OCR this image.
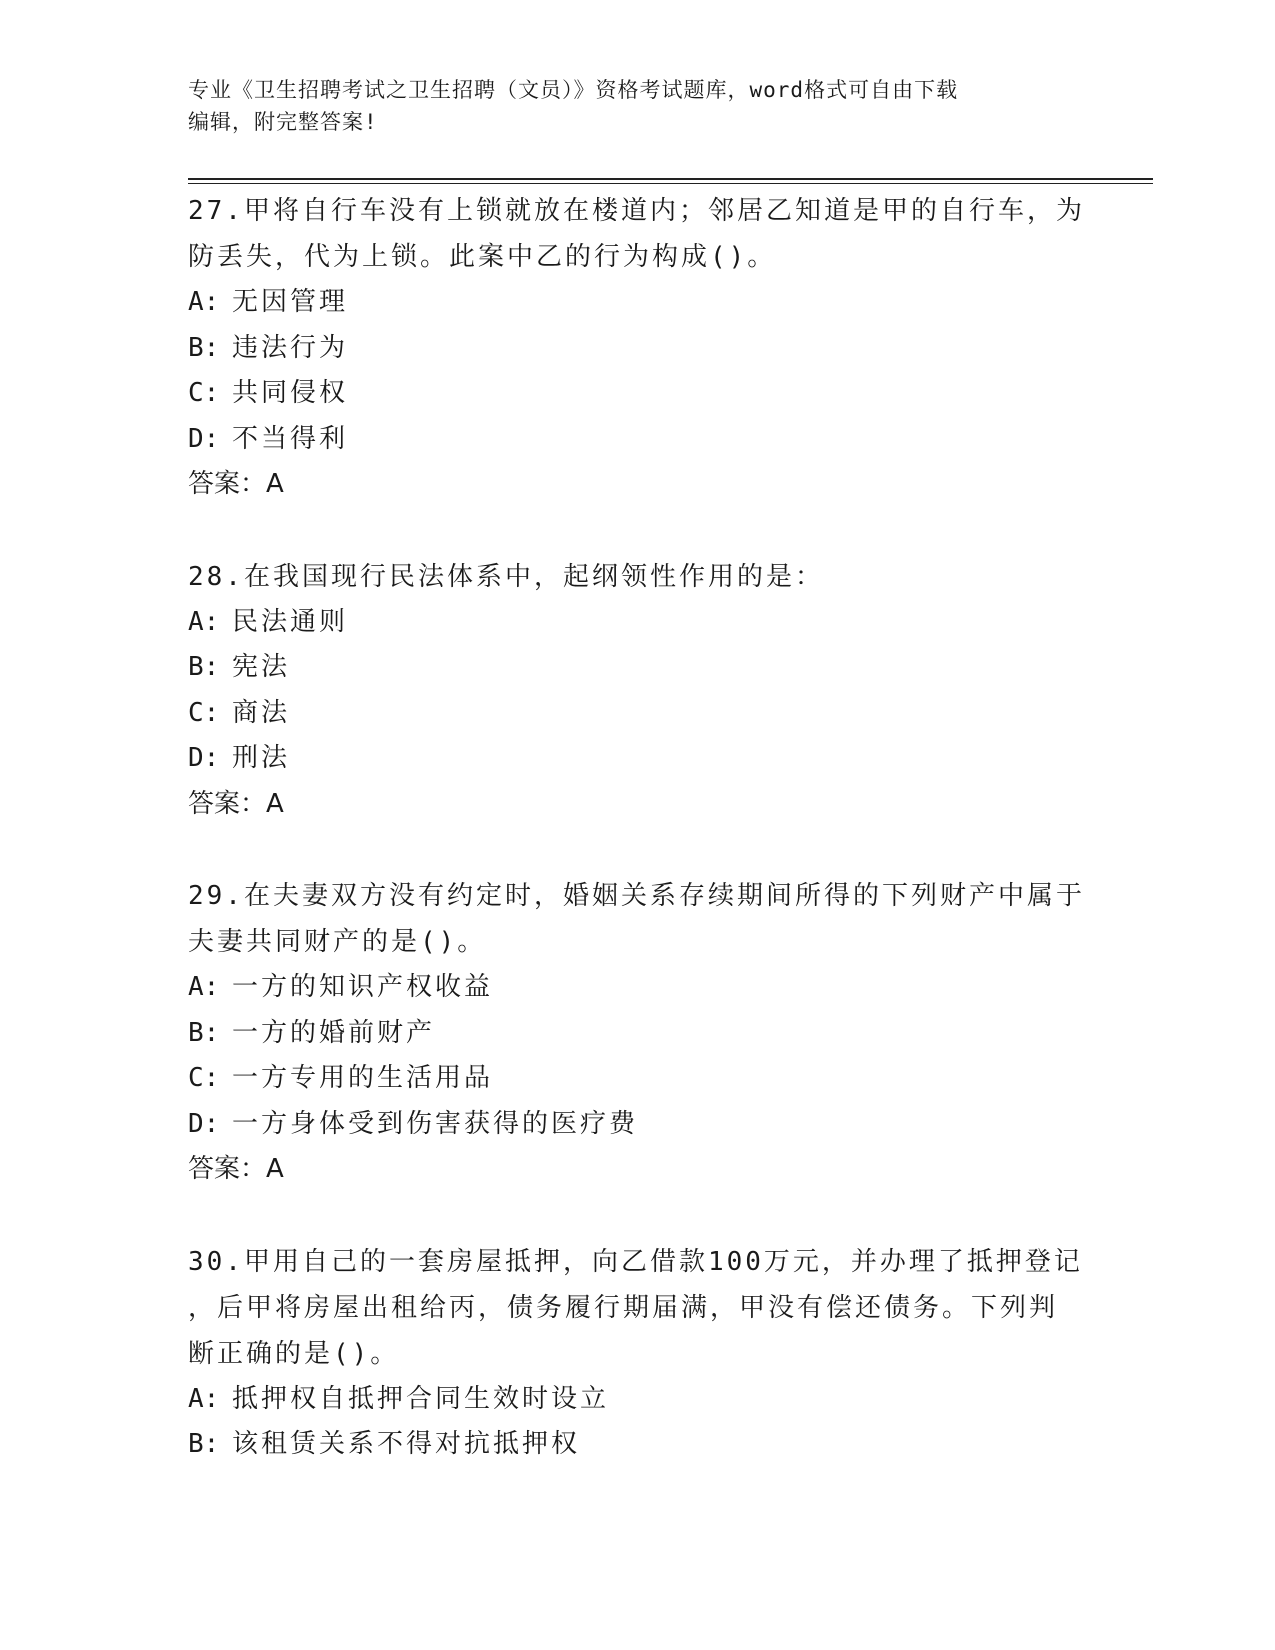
专业《卫生招聘考试之卫生招聘（文员）》资格考试题库，word格式可自由下载
编辑，附完整答案!
27.甲将自行车没有上锁就放在楼道内；邻居乙知道是甲的自行车，为
防丢失，代为上锁。此案中乙的行为构成()。
A: 无因管理
B: 违法行为
C: 共同侵权
D: 不当得利
答案：A
28.在我国现行民法体系中，起纲领性作用的是：
A: 民法通则
B: 宪法
C: 商法
D: 刑法
答案：A
29.在夫妻双方没有约定时，婚姻关系存续期间所得的下列财产中属于
夫妻共同财产的是()。
A: 一方的知识产权收益
B: 一方的婚前财产
C: 一方专用的生活用品
D: 一方身体受到伤害获得的医疗费
答案：A
30.甲用自己的一套房屋抵押，向乙借款100万元，并办理了抵押登记
，后甲将房屋出租给丙，债务履行期届满，甲没有偿还债务。下列判
断正确的是()。
A: 抵押权自抵押合同生效时设立
B: 该租赁关系不得对抗抵押权
